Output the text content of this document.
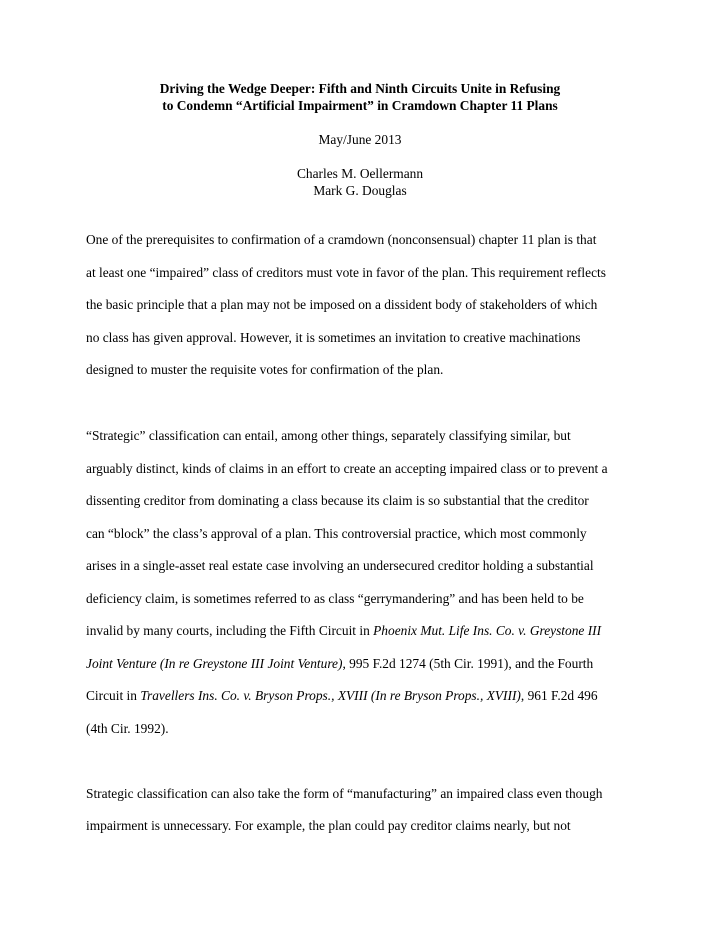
Driving the Wedge Deeper: Fifth and Ninth Circuits Unite in Refusing
to Condemn “Artificial Impairment” in Cramdown Chapter 11 Plans
May/June 2013
Charles M. Oellermann
Mark G. Douglas
One of the prerequisites to confirmation of a cramdown (nonconsensual) chapter 11 plan is that
at least one “impaired” class of creditors must vote in favor of the plan. This requirement reflects
the basic principle that a plan may not be imposed on a dissident body of stakeholders of which
no class has given approval. However, it is sometimes an invitation to creative machinations
designed to muster the requisite votes for confirmation of the plan.
“Strategic” classification can entail, among other things, separately classifying similar, but
arguably distinct, kinds of claims in an effort to create an accepting impaired class or to prevent a
dissenting creditor from dominating a class because its claim is so substantial that the creditor
can “block” the class’s approval of a plan. This controversial practice, which most commonly
arises in a single-asset real estate case involving an undersecured creditor holding a substantial
deficiency claim, is sometimes referred to as class “gerrymandering” and has been held to be
invalid by many courts, including the Fifth Circuit in Phoenix Mut. Life Ins. Co. v. Greystone III
Joint Venture (In re Greystone III Joint Venture), 995 F.2d 1274 (5th Cir. 1991), and the Fourth
Circuit in Travellers Ins. Co. v. Bryson Props., XVIII (In re Bryson Props., XVIII), 961 F.2d 496
(4th Cir. 1992).
Strategic classification can also take the form of “manufacturing” an impaired class even though
impairment is unnecessary. For example, the plan could pay creditor claims nearly, but not
